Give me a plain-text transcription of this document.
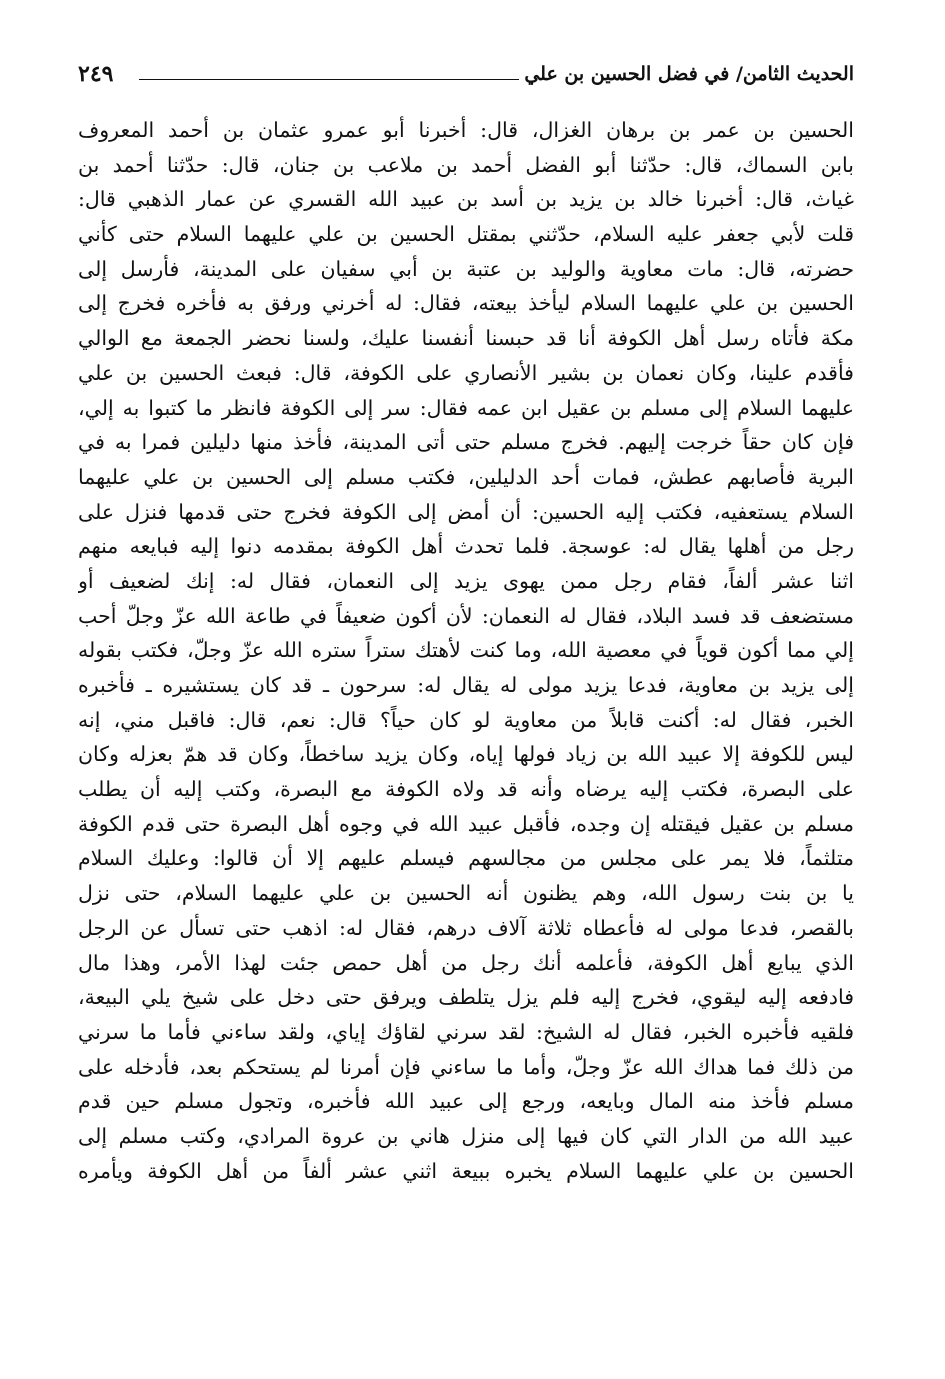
الحديث الثامن/ في فضل الحسين بن علي
٢٤٩
الحسين بن عمر بن برهان الغزال، قال: أخبرنا أبو عمرو عثمان بن أحمد المعروف
بابن السماك، قال: حدّثنا أبو الفضل أحمد بن ملاعب بن جنان، قال: حدّثنا أحمد بن
غياث، قال: أخبرنا خالد بن يزيد بن أسد بن عبيد الله القسري عن عمار الذهبي قال:
قلت لأبي جعفر عليه السلام، حدّثني بمقتل الحسين بن علي عليهما السلام حتى كأني
حضرته، قال: مات معاوية والوليد بن عتبة بن أبي سفيان على المدينة، فأرسل إلى
الحسين بن علي عليهما السلام ليأخذ بيعته، فقال: له أخرني ورفق به فأخره فخرج إلى
مكة فأتاه رسل أهل الكوفة أنا قد حبسنا أنفسنا عليك، ولسنا نحضر الجمعة مع الوالي
فأقدم علينا، وكان نعمان بن بشير الأنصاري على الكوفة، قال: فبعث الحسين بن علي
عليهما السلام إلى مسلم بن عقيل ابن عمه فقال: سر إلى الكوفة فانظر ما كتبوا به إلي،
فإن كان حقاً خرجت إليهم. فخرج مسلم حتى أتى المدينة، فأخذ منها دليلين فمرا به في
البرية فأصابهم عطش، فمات أحد الدليلين، فكتب مسلم إلى الحسين بن علي عليهما
السلام يستعفيه، فكتب إليه الحسين: أن أمض إلى الكوفة فخرج حتى قدمها فنزل على
رجل من أهلها يقال له: عوسجة. فلما تحدث أهل الكوفة بمقدمه دنوا إليه فبايعه منهم
اثنا عشر ألفاً، فقام رجل ممن يهوى يزيد إلى النعمان، فقال له: إنك لضعيف أو
مستضعف قد فسد البلاد، فقال له النعمان: لأن أكون ضعيفاً في طاعة الله عزّ وجلّ أحب
إلي مما أكون قوياً في معصية الله، وما كنت لأهتك ستراً ستره الله عزّ وجلّ، فكتب بقوله
إلى يزيد بن معاوية، فدعا يزيد مولى له يقال له: سرحون ـ قد كان يستشيره ـ فأخبره
الخبر، فقال له: أكنت قابلاً من معاوية لو كان حياً؟ قال: نعم، قال: فاقبل مني، إنه
ليس للكوفة إلا عبيد الله بن زياد فولها إياه، وكان يزيد ساخطاً، وكان قد همّ بعزله وكان
على البصرة، فكتب إليه يرضاه وأنه قد ولاه الكوفة مع البصرة، وكتب إليه أن يطلب
مسلم بن عقيل فيقتله إن وجده، فأقبل عبيد الله في وجوه أهل البصرة حتى قدم الكوفة
متلثماً، فلا يمر على مجلس من مجالسهم فيسلم عليهم إلا أن قالوا: وعليك السلام
يا بن بنت رسول الله، وهم يظنون أنه الحسين بن علي عليهما السلام، حتى نزل
بالقصر، فدعا مولى له فأعطاه ثلاثة آلاف درهم، فقال له: اذهب حتى تسأل عن الرجل
الذي يبايع أهل الكوفة، فأعلمه أنك رجل من أهل حمص جئت لهذا الأمر، وهذا مال
فادفعه إليه ليقوي، فخرج إليه فلم يزل يتلطف ويرفق حتى دخل على شيخ يلي البيعة،
فلقيه فأخبره الخبر، فقال له الشيخ: لقد سرني لقاؤك إياي، ولقد ساءني فأما ما سرني
من ذلك فما هداك الله عزّ وجلّ، وأما ما ساءني فإن أمرنا لم يستحكم بعد، فأدخله على
مسلم فأخذ منه المال وبايعه، ورجع إلى عبيد الله فأخبره، وتجول مسلم حين قدم
عبيد الله من الدار التي كان فيها إلى منزل هاني بن عروة المرادي، وكتب مسلم إلى
الحسين بن علي عليهما السلام يخبره ببيعة اثني عشر ألفاً من أهل الكوفة ويأمره
